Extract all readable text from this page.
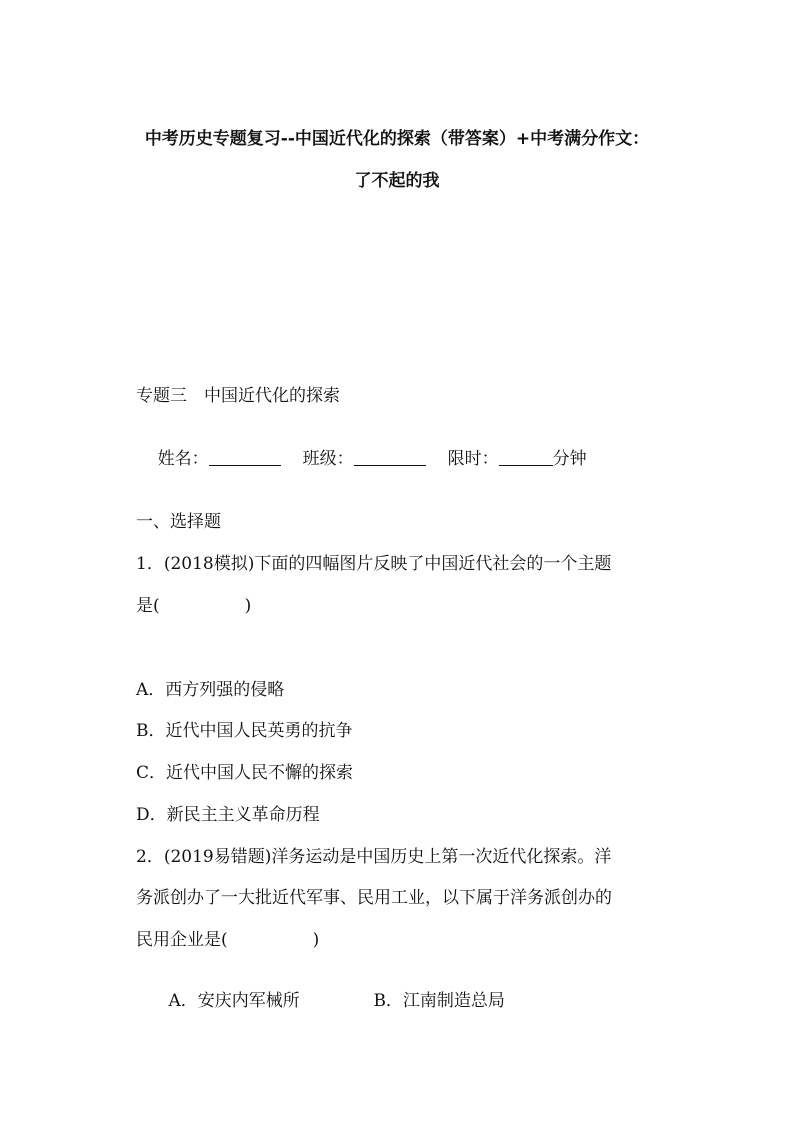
中考历史专题复习--中国近代化的探索（带答案）+中考满分作文：
了不起的我
专题三　中国近代化的探索

姓名：	班级：	限时：	分钟

一、选择题
1．(2018模拟)下面的四幅图片反映了中国近代社会的一个主题
是(　　　　　)
A．西方列强的侵略
B．近代中国人民英勇的抗争
C．近代中国人民不懈的探索
D．新民主主义革命历程
2．(2019易错题)洋务运动是中国历史上第一次近代化探索。洋
务派创办了一大批近代军事、民用工业，以下属于洋务派创办的
民用企业是(　　　　　)

A．安庆内军械所	B．江南制造总局
